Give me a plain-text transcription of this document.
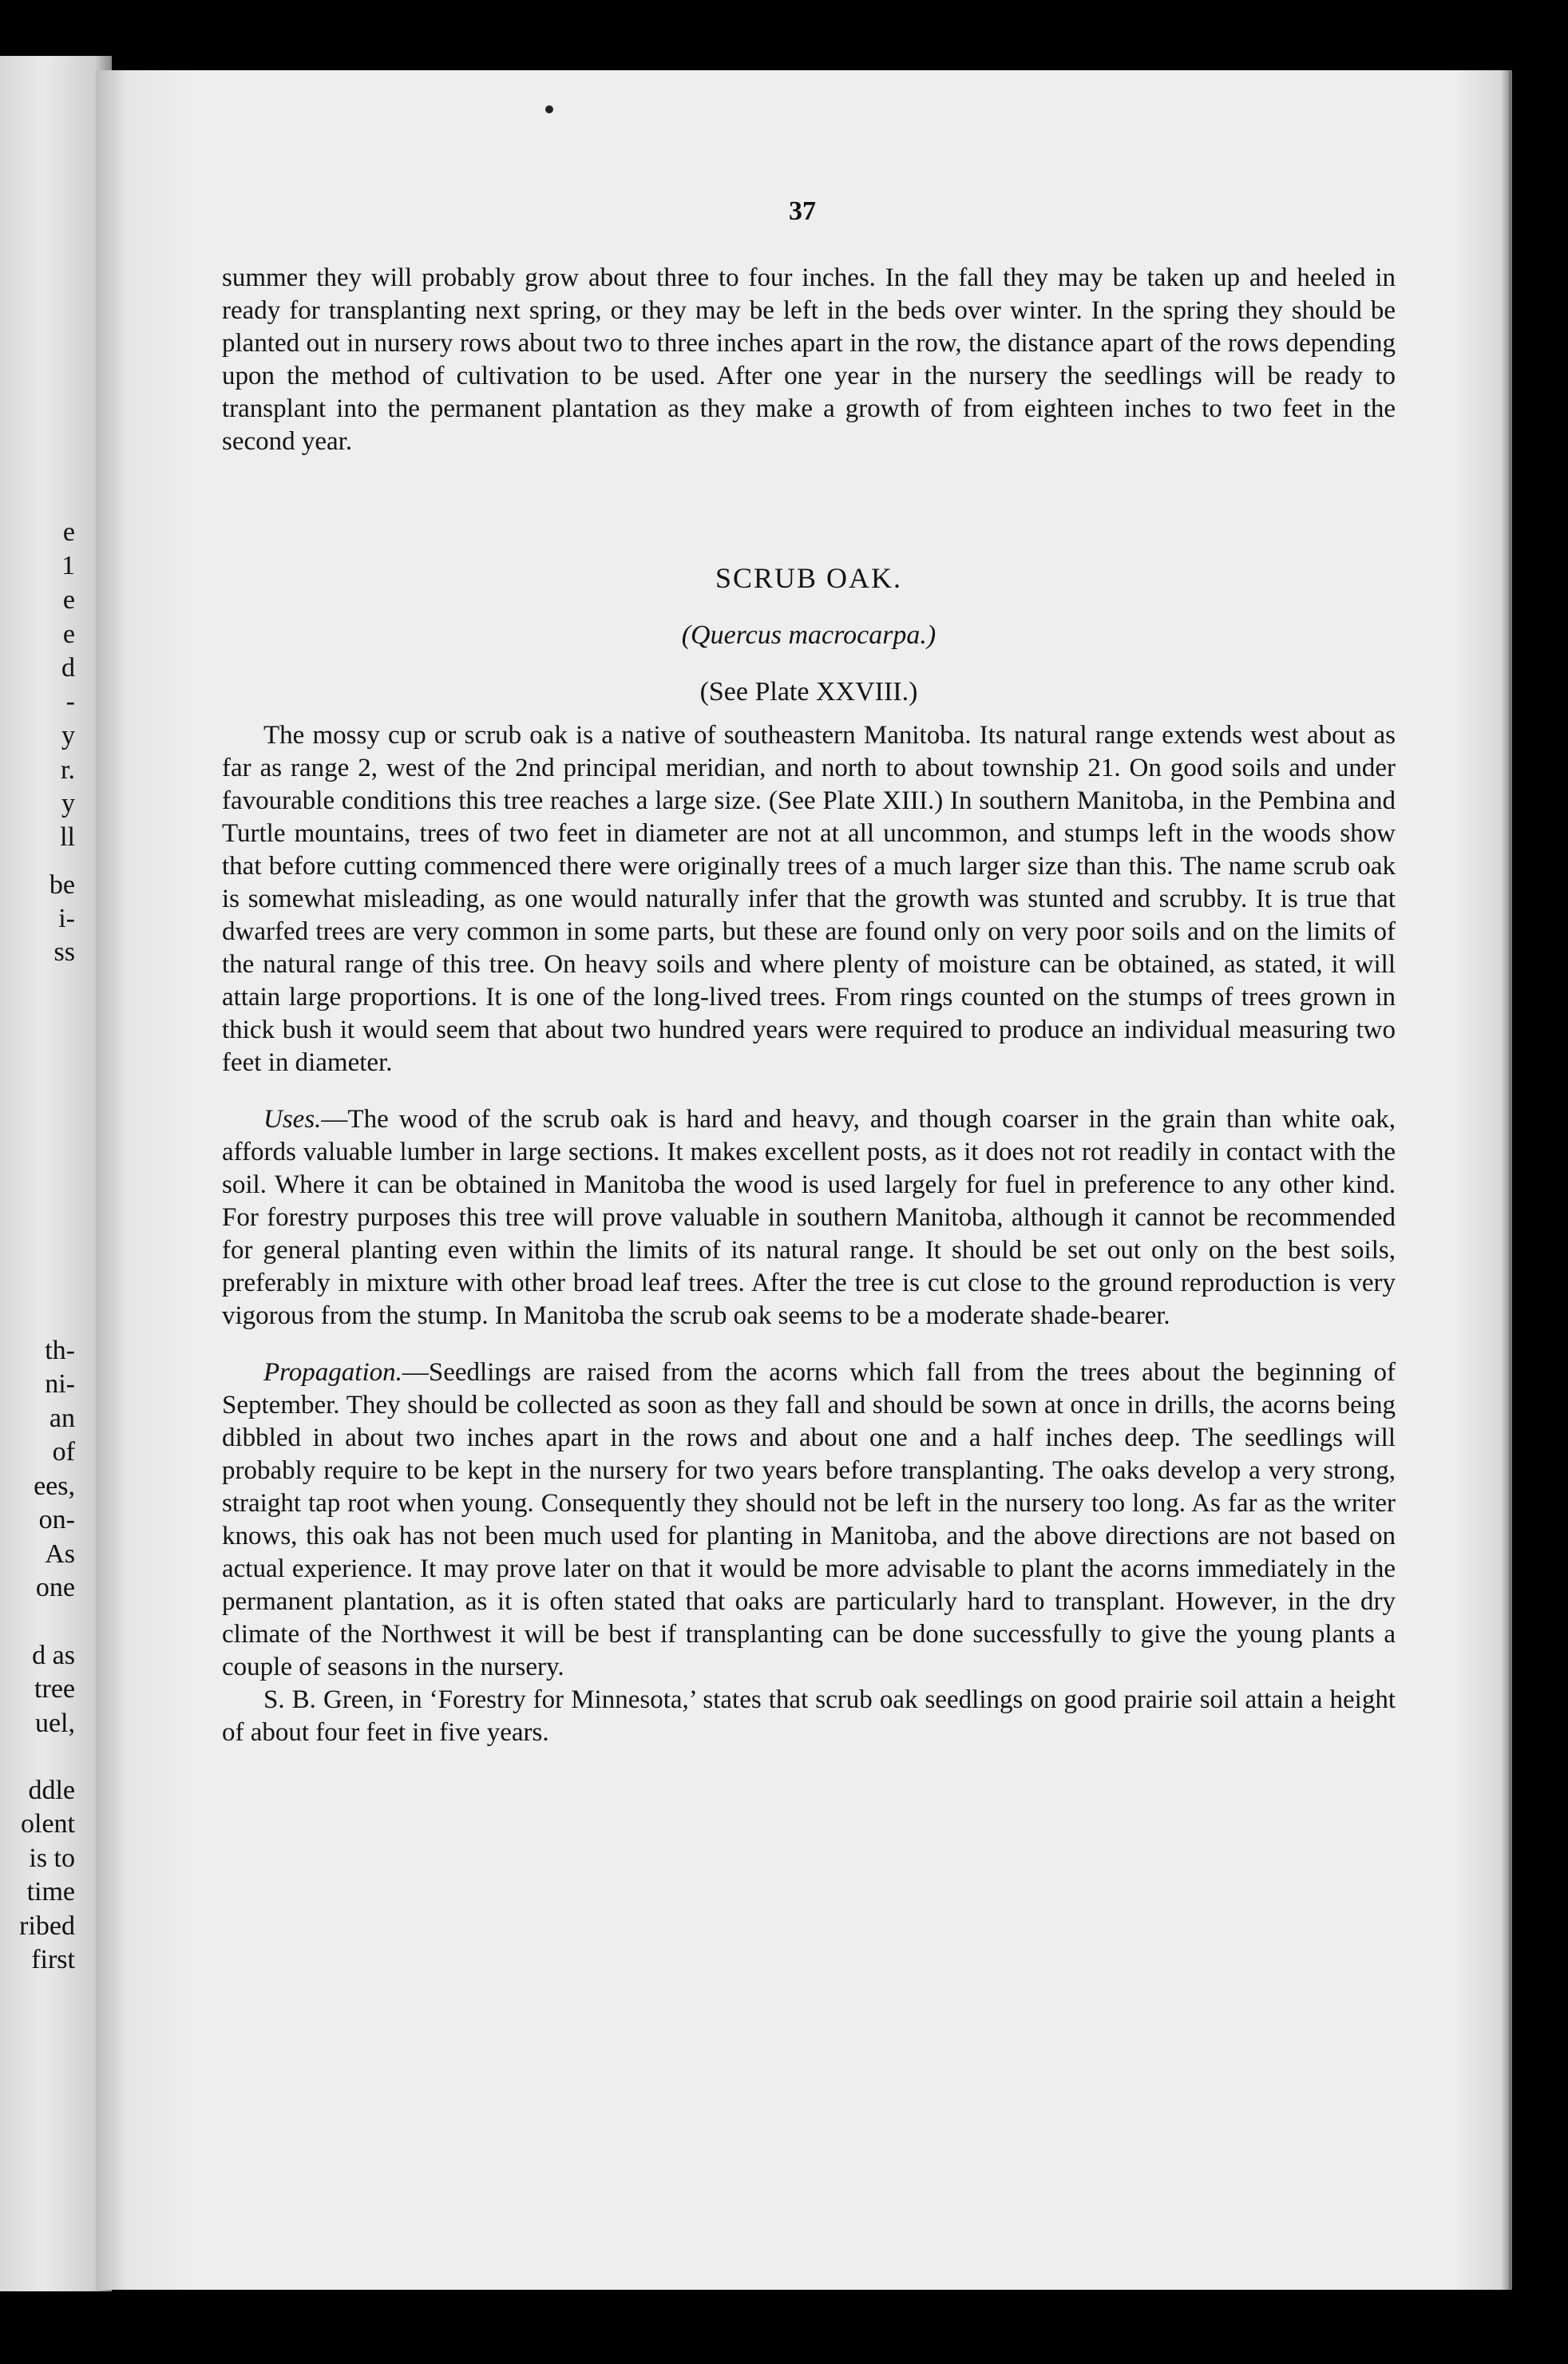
e
1
e
e
d
-
y
r.
y
ll
be
i-
ss
th-
ni-
an
of
ees,
on-
As
one
d as
tree
uel,
ddle
olent
is to
time
ribed
first
37

summer they will probably grow about three to four inches. In the fall they may be taken up and heeled in ready for transplanting next spring, or they may be left in the beds over winter. In the spring they should be planted out in nursery rows about two to three inches apart in the row, the distance apart of the rows depending upon the method of cultivation to be used. After one year in the nursery the seedlings will be ready to transplant into the permanent plantation as they make a growth of from eighteen inches to two feet in the second year.

SCRUB OAK.
(Quercus macrocarpa.)
(See Plate XXVIII.)

The mossy cup or scrub oak is a native of southeastern Manitoba. Its natural range extends west about as far as range 2, west of the 2nd principal meridian, and north to about township 21. On good soils and under favourable conditions this tree reaches a large size. (See Plate XIII.) In southern Manitoba, in the Pembina and Turtle mountains, trees of two feet in diameter are not at all uncommon, and stumps left in the woods show that before cutting commenced there were originally trees of a much larger size than this. The name scrub oak is somewhat misleading, as one would naturally infer that the growth was stunted and scrubby. It is true that dwarfed trees are very common in some parts, but these are found only on very poor soils and on the limits of the natural range of this tree. On heavy soils and where plenty of moisture can be obtained, as stated, it will attain large proportions. It is one of the long-lived trees. From rings counted on the stumps of trees grown in thick bush it would seem that about two hundred years were required to produce an individual measuring two feet in diameter.

Uses.—The wood of the scrub oak is hard and heavy, and though coarser in the grain than white oak, affords valuable lumber in large sections. It makes excellent posts, as it does not rot readily in contact with the soil. Where it can be obtained in Manitoba the wood is used largely for fuel in preference to any other kind. For forestry purposes this tree will prove valuable in southern Manitoba, although it cannot be recommended for general planting even within the limits of its natural range. It should be set out only on the best soils, preferably in mixture with other broad leaf trees. After the tree is cut close to the ground reproduction is very vigorous from the stump. In Manitoba the scrub oak seems to be a moderate shade-bearer.

Propagation.—Seedlings are raised from the acorns which fall from the trees about the beginning of September. They should be collected as soon as they fall and should be sown at once in drills, the acorns being dibbled in about two inches apart in the rows and about one and a half inches deep. The seedlings will probably require to be kept in the nursery for two years before transplanting. The oaks develop a very strong, straight tap root when young. Consequently they should not be left in the nursery too long. As far as the writer knows, this oak has not been much used for planting in Manitoba, and the above directions are not based on actual experience. It may prove later on that it would be more advisable to plant the acorns immediately in the permanent plantation, as it is often stated that oaks are particularly hard to transplant. However, in the dry climate of the Northwest it will be best if transplanting can be done successfully to give the young plants a couple of seasons in the nursery.

S. B. Green, in ‘Forestry for Minnesota,’ states that scrub oak seedlings on good prairie soil attain a height of about four feet in five years.
